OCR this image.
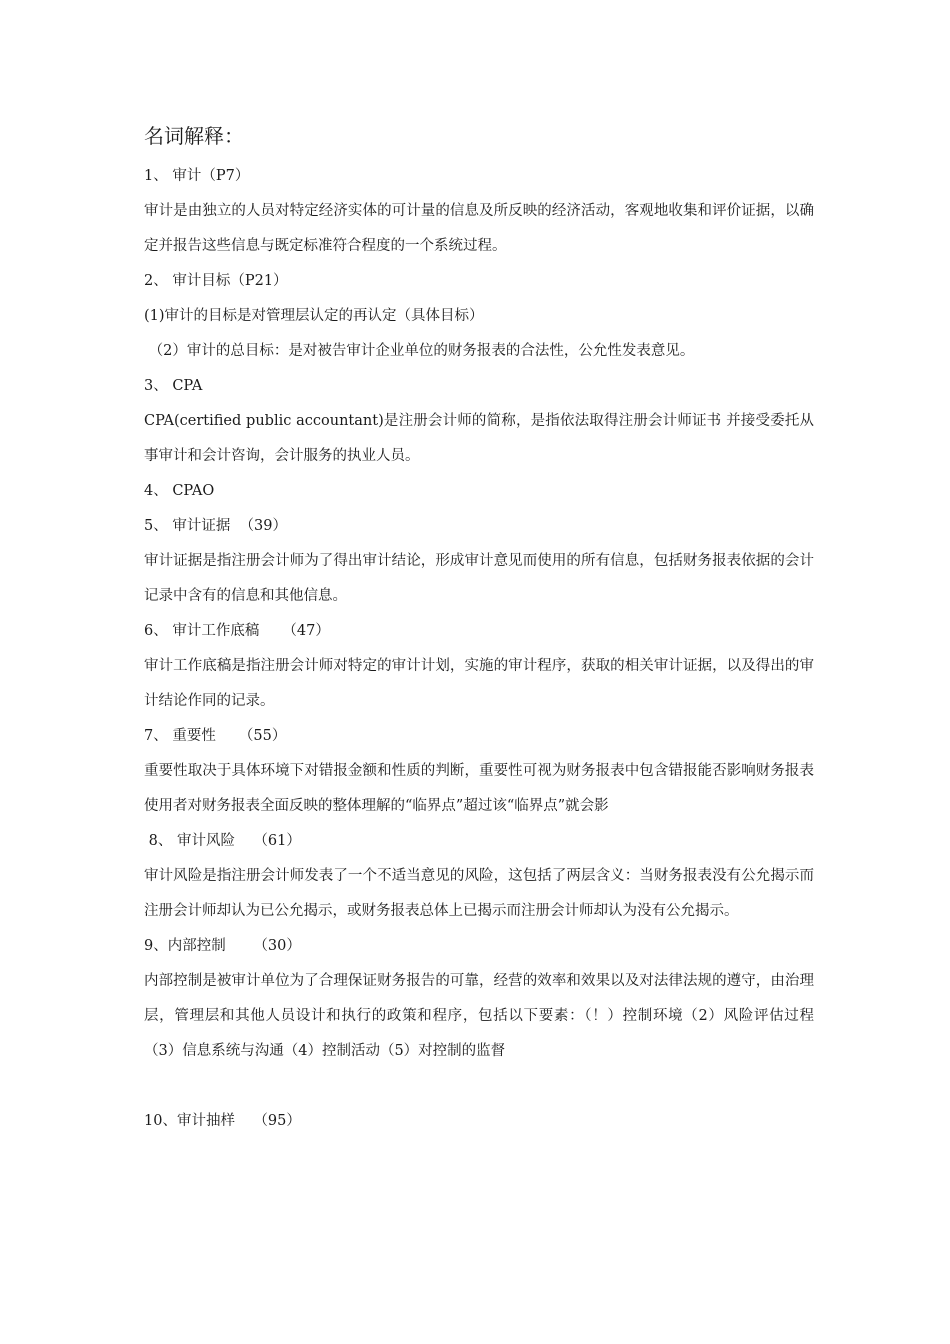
名词解释：
1、 审计（P7）
审计是由独立的人员对特定经济实体的可计量的信息及所反映的经济活动，客观地收集和评价证据，以确定并报告这些信息与既定标准符合程度的一个系统过程。
2、 审计目标（P21）
(1)审计的目标是对管理层认定的再认定（具体目标）
（2）审计的总目标：是对被告审计企业单位的财务报表的合法性，公允性发表意见。
3、 CPA
CPA(certified public accountant)是注册会计师的简称，是指依法取得注册会计师证书 并接受委托从事审计和会计咨询，会计服务的执业人员。
4、 CPAO
5、 审计证据  （39）
审计证据是指注册会计师为了得出审计结论，形成审计意见而使用的所有信息，包括财务报表依据的会计记录中含有的信息和其他信息。
6、 审计工作底稿     （47）
审计工作底稿是指注册会计师对特定的审计计划，实施的审计程序，获取的相关审计证据，以及得出的审计结论作同的记录。
7、 重要性     （55）
重要性取决于具体环境下对错报金额和性质的判断，重要性可视为财务报表中包含错报能否影响财务报表使用者对财务报表全面反映的整体理解的“临界点”超过该“临界点”就会影
8、 审计风险    （61）
审计风险是指注册会计师发表了一个不适当意见的风险，这包括了两层含义：当财务报表没有公允揭示而注册会计师却认为已公允揭示，或财务报表总体上已揭示而注册会计师却认为没有公允揭示。
9、内部控制      （30）
内部控制是被审计单位为了合理保证财务报告的可靠，经营的效率和效果以及对法律法规的遵守，由治理层，管理层和其他人员设计和执行的政策和程序，包括以下要素：（！）控制环境（2）风险评估过程（3）信息系统与沟通（4）控制活动（5）对控制的监督
10、审计抽样    （95）
